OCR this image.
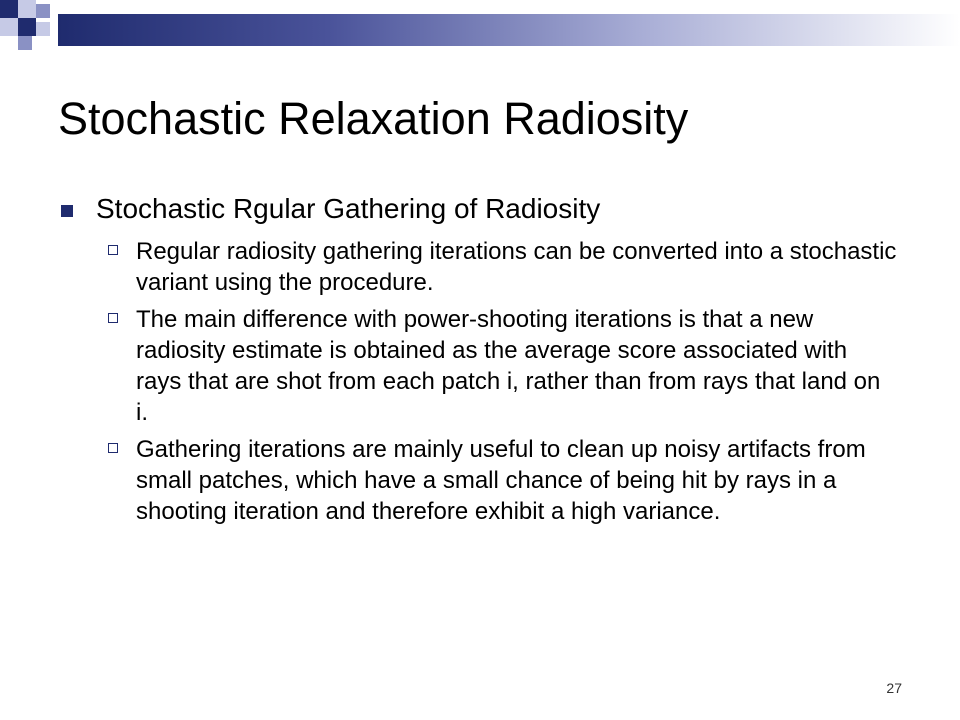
Stochastic Relaxation Radiosity
Stochastic Rgular Gathering of Radiosity
Regular radiosity gathering iterations can be converted into a stochastic variant using the procedure.
The main difference with power-shooting iterations is that a new radiosity estimate is obtained as the average score associated with rays that are shot from each patch i, rather than from rays that land on i.
Gathering iterations are mainly useful to clean up noisy artifacts from small patches, which have a small chance of being hit by rays in a shooting iteration and therefore exhibit a high variance.
27
